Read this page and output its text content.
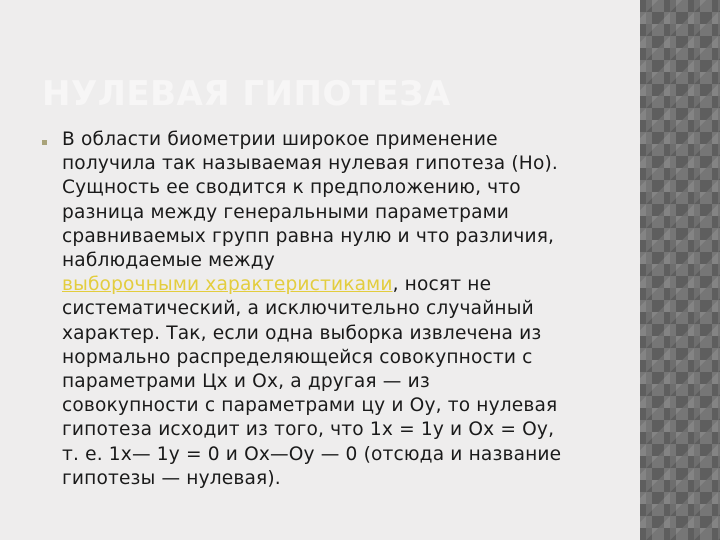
НУЛЕВАЯ ГИПОТЕЗА

В области биометрии широкое применение
получила так называемая нулевая гипотеза (Но).
Сущность ее сводится к предположению, что
разница между генеральными параметрами
сравниваемых групп равна нулю и что различия,
наблюдаемые между
выборочными характеристиками, носят не
систематический, а исключительно случайный
характер. Так, если одна выборка извлечена из
нормально распределяющейся совокупности с
параметрами Цх и Ох, а другая — из
совокупности с параметрами цу и Оу, то нулевая
гипотеза исходит из того, что 1х = 1у и Ох = Оу,
т. е. 1х— 1у = 0 и Ох—Оу — 0 (отсюда и название
гипотезы — нулевая).
